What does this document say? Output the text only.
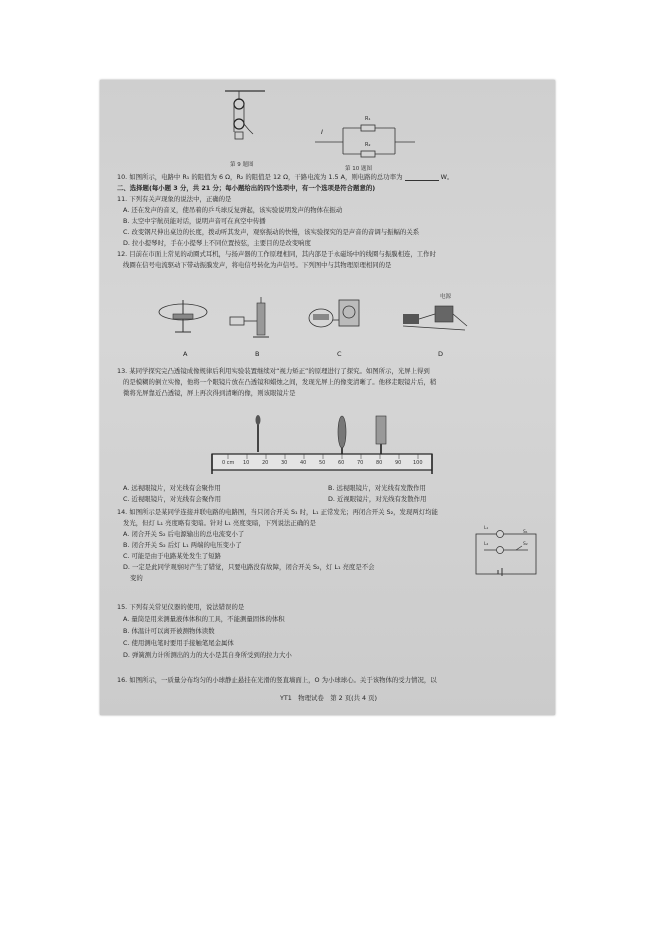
第 9 题图
I
R₁
R₂
第 10 题图
10. 如图所示，电路中 R₁ 的阻值为 6 Ω，R₂ 的阻值是 12 Ω，干路电流为 1.5 A，则电路的总功率为	W。
二、选择题(每小题 3 分，共 21 分；每小题给出的四个选项中，有一个选项是符合题意的)
11. 下列有关声现象的说法中，正确的是
A. 还在发声的音叉，使吊着的乒乓球反复弹起，该实验说明发声的物体在振动
B. 太空中宇航员能对话，说明声音可在真空中传播
C. 改变钢尺伸出桌边的长度，拨动听其发声，观察振动的快慢，该实验探究的是声音的音调与振幅的关系
D. 拉小提琴时，手在小提琴上不同位置按弦，主要目的是改变响度
12. 目前在市面上常见的动圈式耳机，与扬声器的工作原理相同，其内部是于永磁场中的线圈与振膜相连，工作时
线圈在信号电流驱动下带动振膜发声，将电信号转化为声信号。下列图中与其物理原理相同的是
电源
A	B	C	D
13. 某同学探究完凸透镜成像规律后利用实验装置继续对“视力矫正”的原理进行了探究。如图所示，光屏上得到
的是模糊的倒立实像，他将一个眼镜片放在凸透镜和蜡烛之间，发现光屏上的像变清晰了。他移走眼镜片后，稍
微将光屏靠近凸透镜，屏上再次得到清晰的像，则该眼镜片是
0 cm 10	20	30	40	50	60	70	80	90 100
A. 远视眼镜片，对光线有会聚作用	B. 远视眼镜片，对光线有发散作用
C. 近视眼镜片，对光线有会聚作用	D. 近视眼镜片，对光线有发散作用
14. 如图所示是某同学连接并联电路的电路图，当只闭合开关 S₁ 时，L₁ 正常发光；再闭合开关 S₂，发现两灯均能
发光，但灯 L₁ 亮度略有变暗。针对 L₁ 亮度变暗，下列说法正确的是
A. 闭合开关 S₂ 后电源输出的总电流变小了
B. 闭合开关 S₂ 后灯 L₁ 两端的电压变小了
C. 可能是由于电路某处发生了短路
D. 一定是此同学观察时产生了错觉，只要电路没有故障，闭合开关 S₂，灯 L₁ 亮度是不会
变的
L₁
L₂
S₁
S₂
15. 下列有关常见仪器的使用，说法错误的是
A. 量筒是用来测量液体体积的工具，不能测量固体的体积
B. 体温计可以离开被测物体读数
C. 使用测电笔时要用手接触笔尾金属体
D. 弹簧测力计所测出的力的大小是其自身所受到的拉力大小
16. 如图所示，一质量分布均匀的小球静止悬挂在光滑的竖直墙面上，O 为小球球心。关于该物体的受力情况，以
YT1　物理试卷　第 2 页(共 4 页)
